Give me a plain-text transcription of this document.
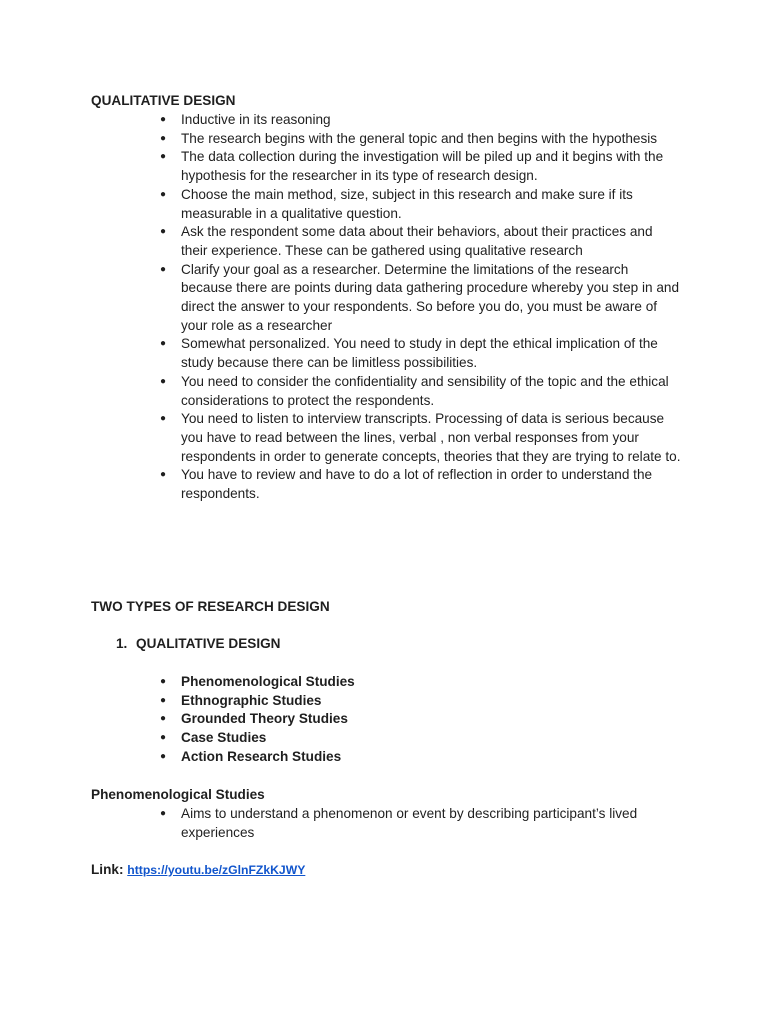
QUALITATIVE DESIGN
● Inductive in its reasoning
● The research begins with the general topic and then begins with the hypothesis
● The data collection during the investigation will be piled up and it begins with the hypothesis for the researcher in its type of research design.
● Choose the main method, size, subject in this research and make sure if its measurable in a qualitative question.
● Ask the respondent some data about their behaviors, about their practices and their experience. These can be gathered using qualitative research
● Clarify your goal as a researcher. Determine the limitations of the research because there are points during data gathering procedure whereby you step in and direct the answer to your respondents. So before you do, you must be aware of your role as a researcher
● Somewhat personalized. You need to study in dept the ethical implication of the study because there can be limitless possibilities.
● You need to consider the confidentiality and sensibility of the topic and the ethical considerations to protect the respondents.
● You need to listen to interview transcripts. Processing of data is serious because you have to read between the lines, verbal , non verbal responses from your respondents in order to generate concepts, theories that they are trying to relate to.
● You have to review and have to do a lot of reflection in order to understand the respondents.
TWO TYPES OF RESEARCH DESIGN
1. QUALITATIVE DESIGN
● Phenomenological Studies
● Ethnographic Studies
● Grounded Theory Studies
● Case Studies
● Action Research Studies
Phenomenological Studies
● Aims to understand a phenomenon or event by describing participant’s lived experiences
Link: https://youtu.be/zGlnFZkKJWY
